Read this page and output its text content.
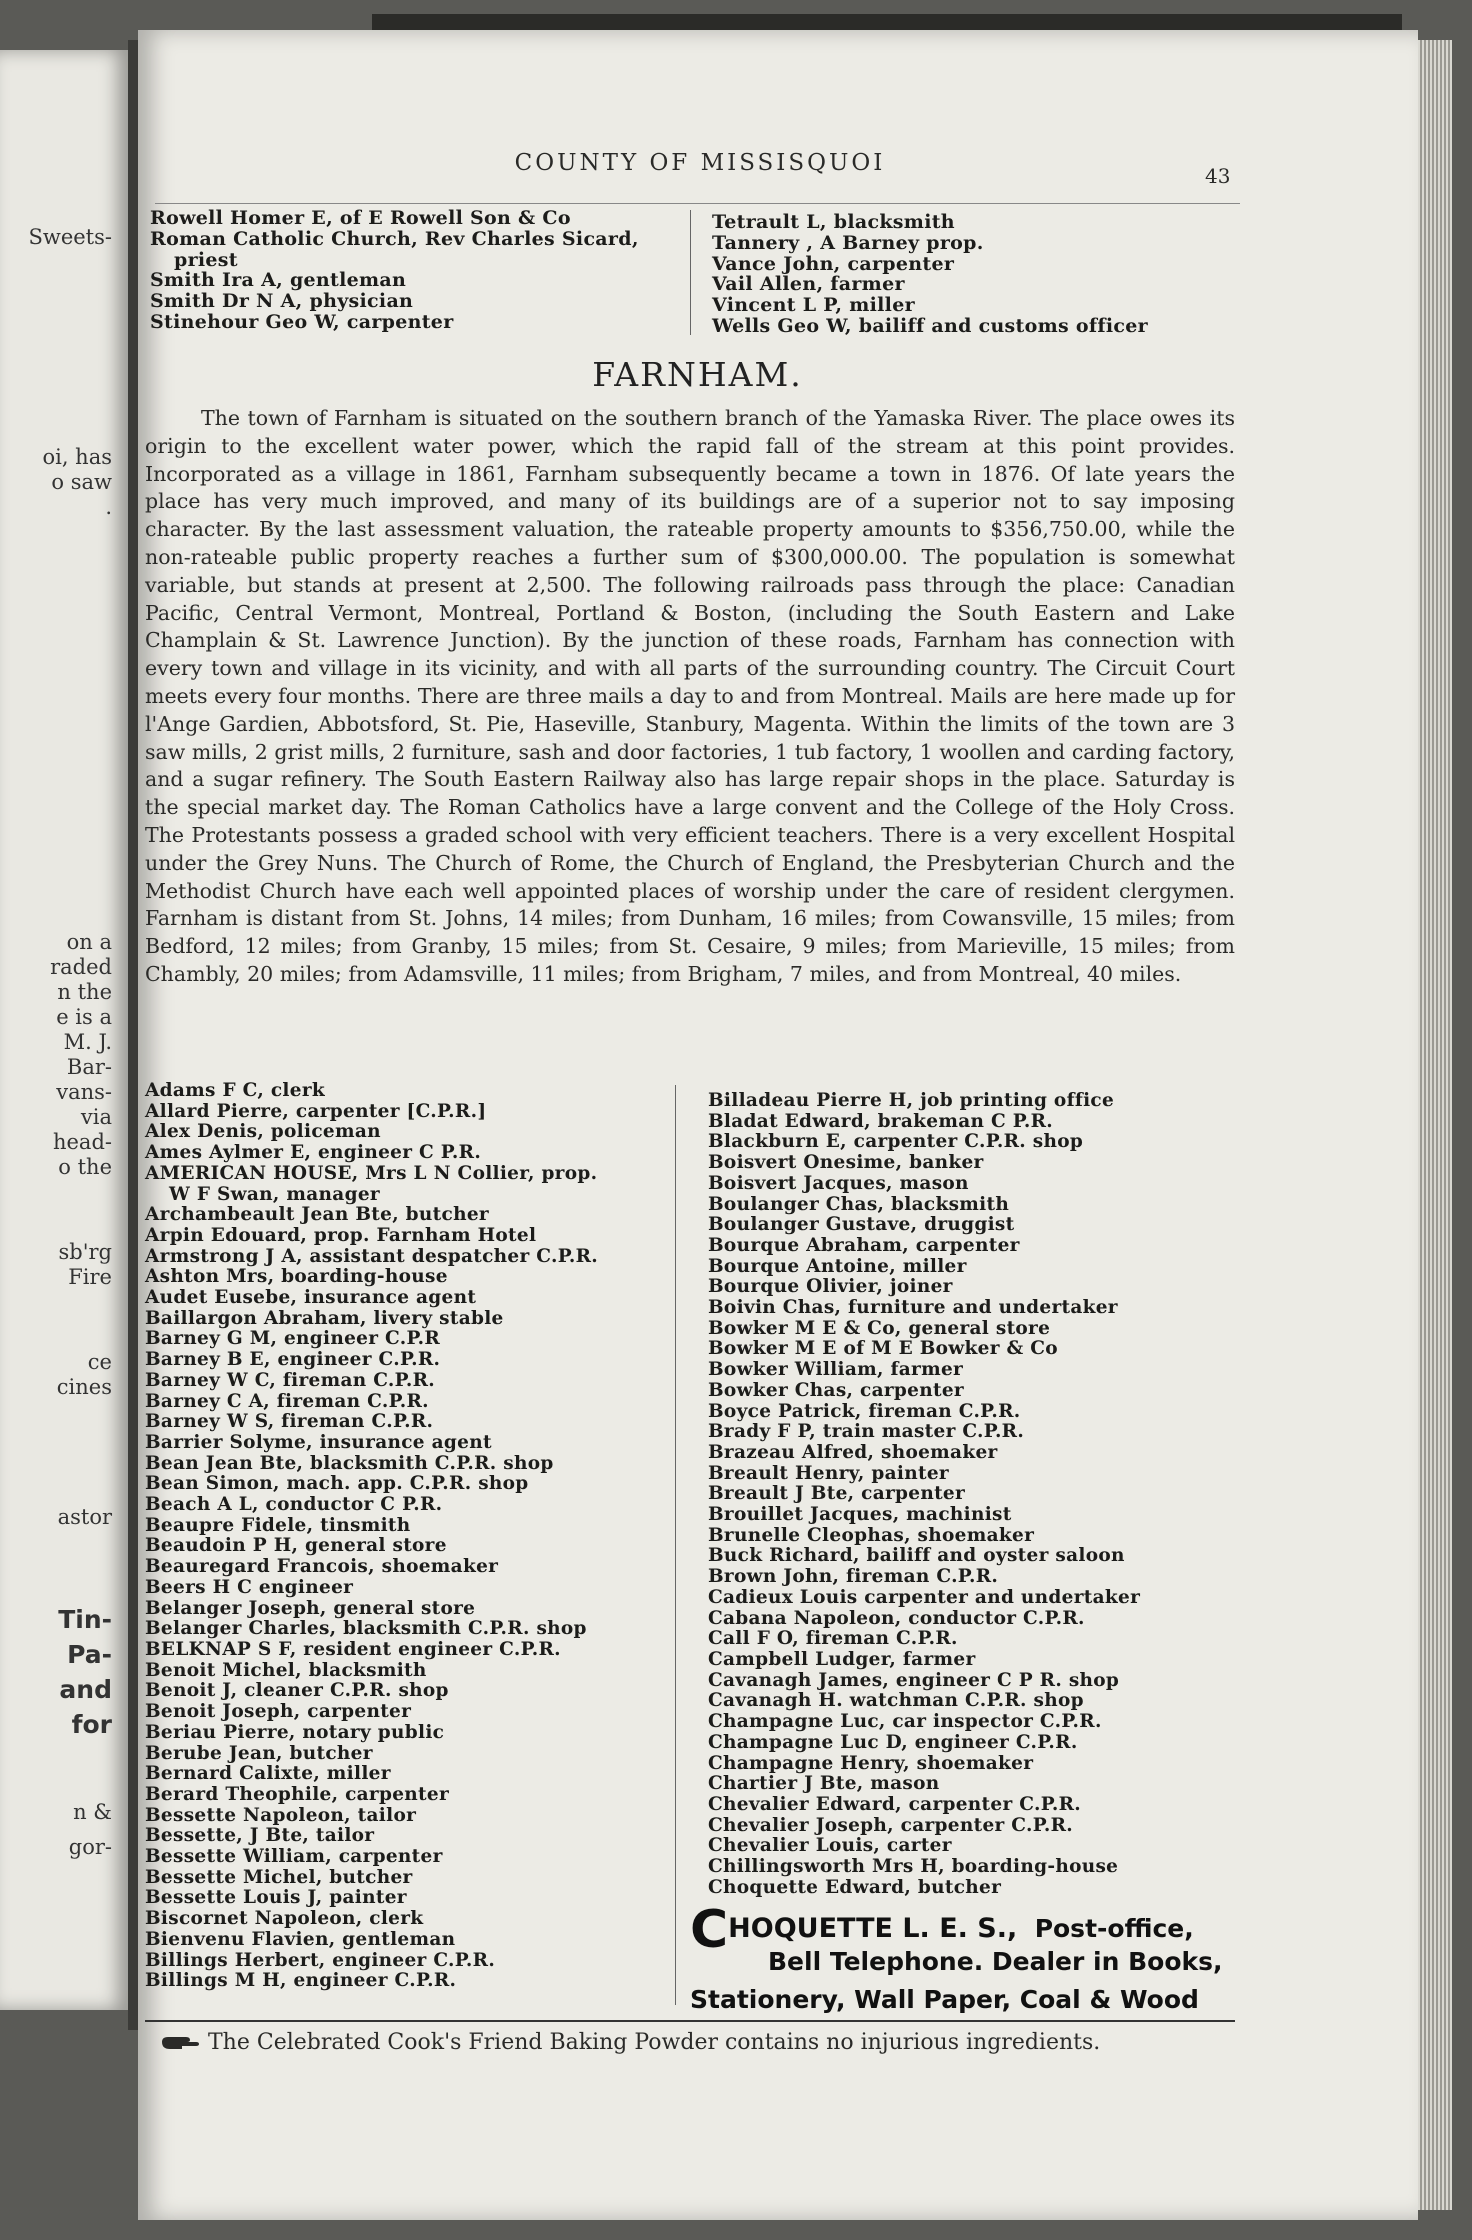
Sweets-
oi, has
o saw
.
on a
raded
n the
e is a
M. J.
Bar-
vans-
via
head-
o the
sb'rg
Fire
ce
cines
astor
Tin-
Pa-
and
for
n &
gor-
COUNTY OF MISSISQUOI	43
Rowell Homer E, of E Rowell Son & Co
Roman Catholic Church, Rev Charles Sicard,
priest
Smith Ira A, gentleman
Smith Dr N A, physician
Stinehour Geo W, carpenter
Tetrault L, blacksmith
Tannery , A Barney prop.
Vance John, carpenter
Vail Allen, farmer
Vincent L P, miller
Wells Geo W, bailiff and customs officer
FARNHAM.

The town of Farnham is situated on the southern branch of the Yamaska River. The place owes its origin to the excellent water power, which the rapid fall of the stream at this point provides. Incorporated as a village in 1861, Farnham subsequently became a town in 1876. Of late years the place has very much improved, and many of its buildings are of a superior not to say imposing character. By the last assessment valuation, the rateable property amounts to $356,750.00, while the non-rateable public property reaches a further sum of $300,000.00. The population is somewhat variable, but stands at present at 2,500. The following railroads pass through the place: Canadian Pacific, Central Vermont, Montreal, Portland & Boston, (including the South Eastern and Lake Champlain & St. Lawrence Junction). By the junction of these roads, Farnham has connection with every town and village in its vicinity, and with all parts of the surrounding country. The Circuit Court meets every four months. There are three mails a day to and from Montreal. Mails are here made up for l'Ange Gardien, Abbotsford, St. Pie, Haseville, Stanbury, Magenta. Within the limits of the town are 3 saw mills, 2 grist mills, 2 furniture, sash and door factories, 1 tub factory, 1 woollen and carding factory, and a sugar refinery. The South Eastern Railway also has large repair shops in the place. Saturday is the special market day. The Roman Catholics have a large convent and the College of the Holy Cross. The Protestants possess a graded school with very efficient teachers. There is a very excellent Hospital under the Grey Nuns. The Church of Rome, the Church of England, the Presbyterian Church and the Methodist Church have each well appointed places of worship under the care of resident clergymen. Farnham is distant from St. Johns, 14 miles; from Dunham, 16 miles; from Cowansville, 15 miles; from Bedford, 12 miles; from Granby, 15 miles; from St. Cesaire, 9 miles; from Marieville, 15 miles; from Chambly, 20 miles; from Adamsville, 11 miles; from Brigham, 7 miles, and from Montreal, 40 miles.

Adams F C, clerk
Allard Pierre, carpenter [C.P.R.]
Alex Denis, policeman
Ames Aylmer E, engineer C P.R.
AMERICAN HOUSE, Mrs L N Collier, prop.
W F Swan, manager
Archambeault Jean Bte, butcher
Arpin Edouard, prop. Farnham Hotel
Armstrong J A, assistant despatcher C.P.R.
Ashton Mrs, boarding-house
Audet Eusebe, insurance agent
Baillargon Abraham, livery stable
Barney G M, engineer C.P.R
Barney B E, engineer C.P.R.
Barney W C, fireman C.P.R.
Barney C A, fireman C.P.R.
Barney W S, fireman C.P.R.
Barrier Solyme, insurance agent
Bean Jean Bte, blacksmith C.P.R. shop
Bean Simon, mach. app. C.P.R. shop
Beach A L, conductor C P.R.
Beaupre Fidele, tinsmith
Beaudoin P H, general store
Beauregard Francois, shoemaker
Beers H C engineer
Belanger Joseph, general store
Belanger Charles, blacksmith C.P.R. shop
BELKNAP S F, resident engineer C.P.R.
Benoit Michel, blacksmith
Benoit J, cleaner C.P.R. shop
Benoit Joseph, carpenter
Beriau Pierre, notary public
Berube Jean, butcher
Bernard Calixte, miller
Berard Theophile, carpenter
Bessette Napoleon, tailor
Bessette, J Bte, tailor
Bessette William, carpenter
Bessette Michel, butcher
Bessette Louis J, painter
Biscornet Napoleon, clerk
Bienvenu Flavien, gentleman
Billings Herbert, engineer C.P.R.
Billings M H, engineer C.P.R.
Billadeau Pierre H, job printing office
Bladat Edward, brakeman C P.R.
Blackburn E, carpenter C.P.R. shop
Boisvert Onesime, banker
Boisvert Jacques, mason
Boulanger Chas, blacksmith
Boulanger Gustave, druggist
Bourque Abraham, carpenter
Bourque Antoine, miller
Bourque Olivier, joiner
Boivin Chas, furniture and undertaker
Bowker M E & Co, general store
Bowker M E of M E Bowker & Co
Bowker William, farmer
Bowker Chas, carpenter
Boyce Patrick, fireman C.P.R.
Brady F P, train master C.P.R.
Brazeau Alfred, shoemaker
Breault Henry, painter
Breault J Bte, carpenter
Brouillet Jacques, machinist
Brunelle Cleophas, shoemaker
Buck Richard, bailiff and oyster saloon
Brown John, fireman C.P.R.
Cadieux Louis carpenter and undertaker
Cabana Napoleon, conductor C.P.R.
Call F O, fireman C.P.R.
Campbell Ludger, farmer
Cavanagh James, engineer C P R. shop
Cavanagh H. watchman C.P.R. shop
Champagne Luc, car inspector C.P.R.
Champagne Luc D, engineer C.P.R.
Champagne Henry, shoemaker
Chartier J Bte, mason
Chevalier Edward, carpenter C.P.R.
Chevalier Joseph, carpenter C.P.R.
Chevalier Louis, carter
Chillingsworth Mrs H, boarding-house
Choquette Edward, butcher
CHOQUETTE L. E. S., Post-office,
Bell Telephone. Dealer in Books,
Stationery, Wall Paper, Coal & Wood
The Celebrated Cook's Friend Baking Powder contains no injurious ingredients.
